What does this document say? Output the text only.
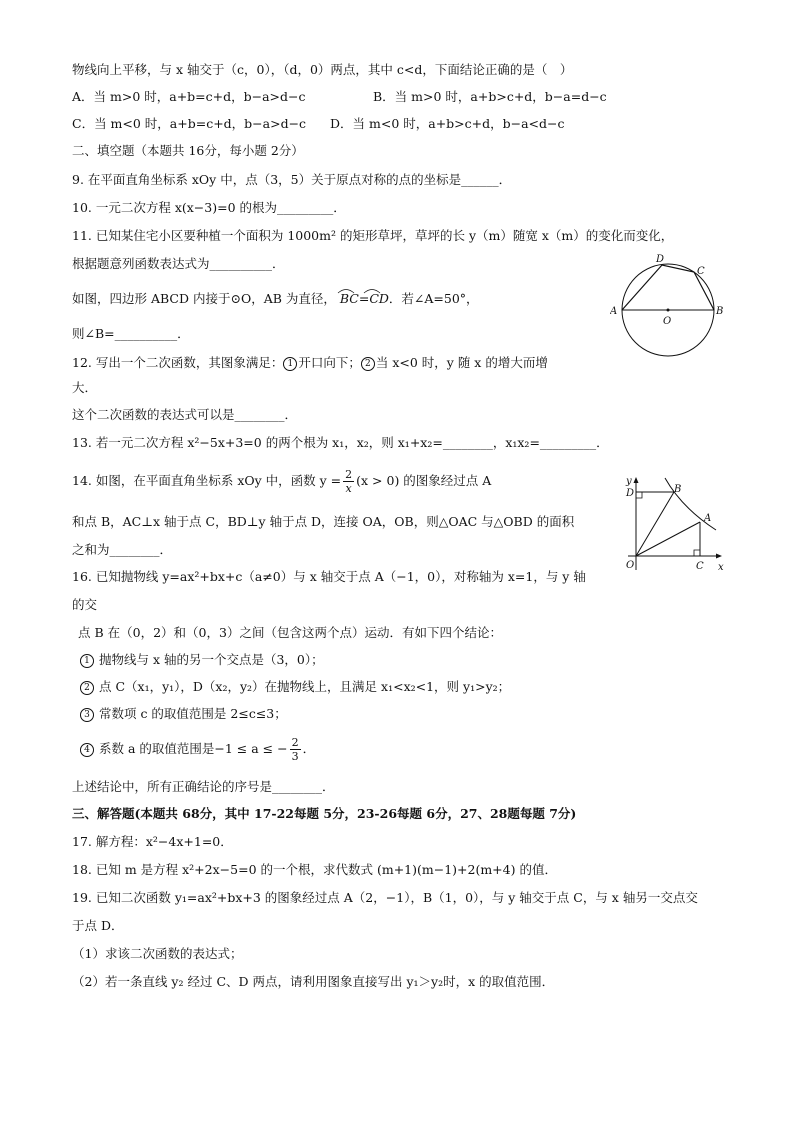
物线向上平移，与 x 轴交于（c，0），（d，0）两点，其中 c<d，下面结论正确的是（　）
A．当 m>0 时，a+b=c+d，b−a>d−c	B．当 m>0 时，a+b>c+d，b−a=d−c
C．当 m<0 时，a+b=c+d，b−a>d−c D．当 m<0 时，a+b>c+d，b−a<d−c
二、填空题（本题共 16分，每小题 2分）
9. 在平面直角坐标系 xOy 中，点（3，5）关于原点对称的点的坐标是______．
10. 一元二次方程 x(x−3)=0 的根为_________．
11. 已知某住宅小区要种植一个面积为 1000m² 的矩形草坪，草坪的长 y（m）随宽 x（m）的变化而变化，
根据题意列函数表达式为__________．
如图，四边形 ABCD 内接于⊙O，AB 为直径， BC=CD．若∠A=50°，
则∠B=__________．
12. 写出一个二次函数，其图象满足： 1 开口向下； 2 当 x<0 时，y 随 x 的增大而增
大．
这个二次函数的表达式可以是________．
13. 若一元二次方程 x²−5x+3=0 的两个根为 x₁，x₂，则 x₁+x₂=________，x₁x₂=_________．
14. 如图，在平面直角坐标系 xOy 中，函数 $y = \frac{2}{x} (x > 0)$ 的图象经过点 A
和点 B，AC⊥x 轴于点 C，BD⊥y 轴于点 D，连接 OA，OB，则△OAC 与△OBD 的面积
之和为________．
16. 已知抛物线 y=ax²+bx+c（a≠0）与 x 轴交于点 A（−1，0），对称轴为 x=1，与 y 轴
的交
点 B 在（0，2）和（0，3）之间（包含这两个点）运动．有如下四个结论：
1 抛物线与 x 轴的另一个交点是（3，0）；
2 点 C（x₁，y₁），D（x₂，y₂）在抛物线上，且满足 x₁<x₂<1，则 y₁>y₂；
3 常数项 c 的取值范围是 2≤c≤3；
4 系数 a 的取值范围是−1 ≤ a ≤ − $\frac{2}{3}$ ．
上述结论中，所有正确结论的序号是________．
三、解答题(本题共 68分，其中 17-22每题 5分，23-26每题 6分，27、28题每题 7分)
17. 解方程：x²−4x+1=0．
18. 已知 m 是方程 x²+2x−5=0 的一个根，求代数式 (m+1)(m−1)+2(m+4) 的值．
19. 已知二次函数 y₁=ax²+bx+3 的图象经过点 A（2，−1），B（1，0），与 y 轴交于点 C，与 x 轴另一交点交
于点 D．
（1）求该二次函数的表达式；
（2）若一条直线 y₂ 经过 C、D 两点，请利用图象直接写出 y₁＞y₂时，x 的取值范围．
A	B
D
C
O
y
x
D	B
A
O	C
